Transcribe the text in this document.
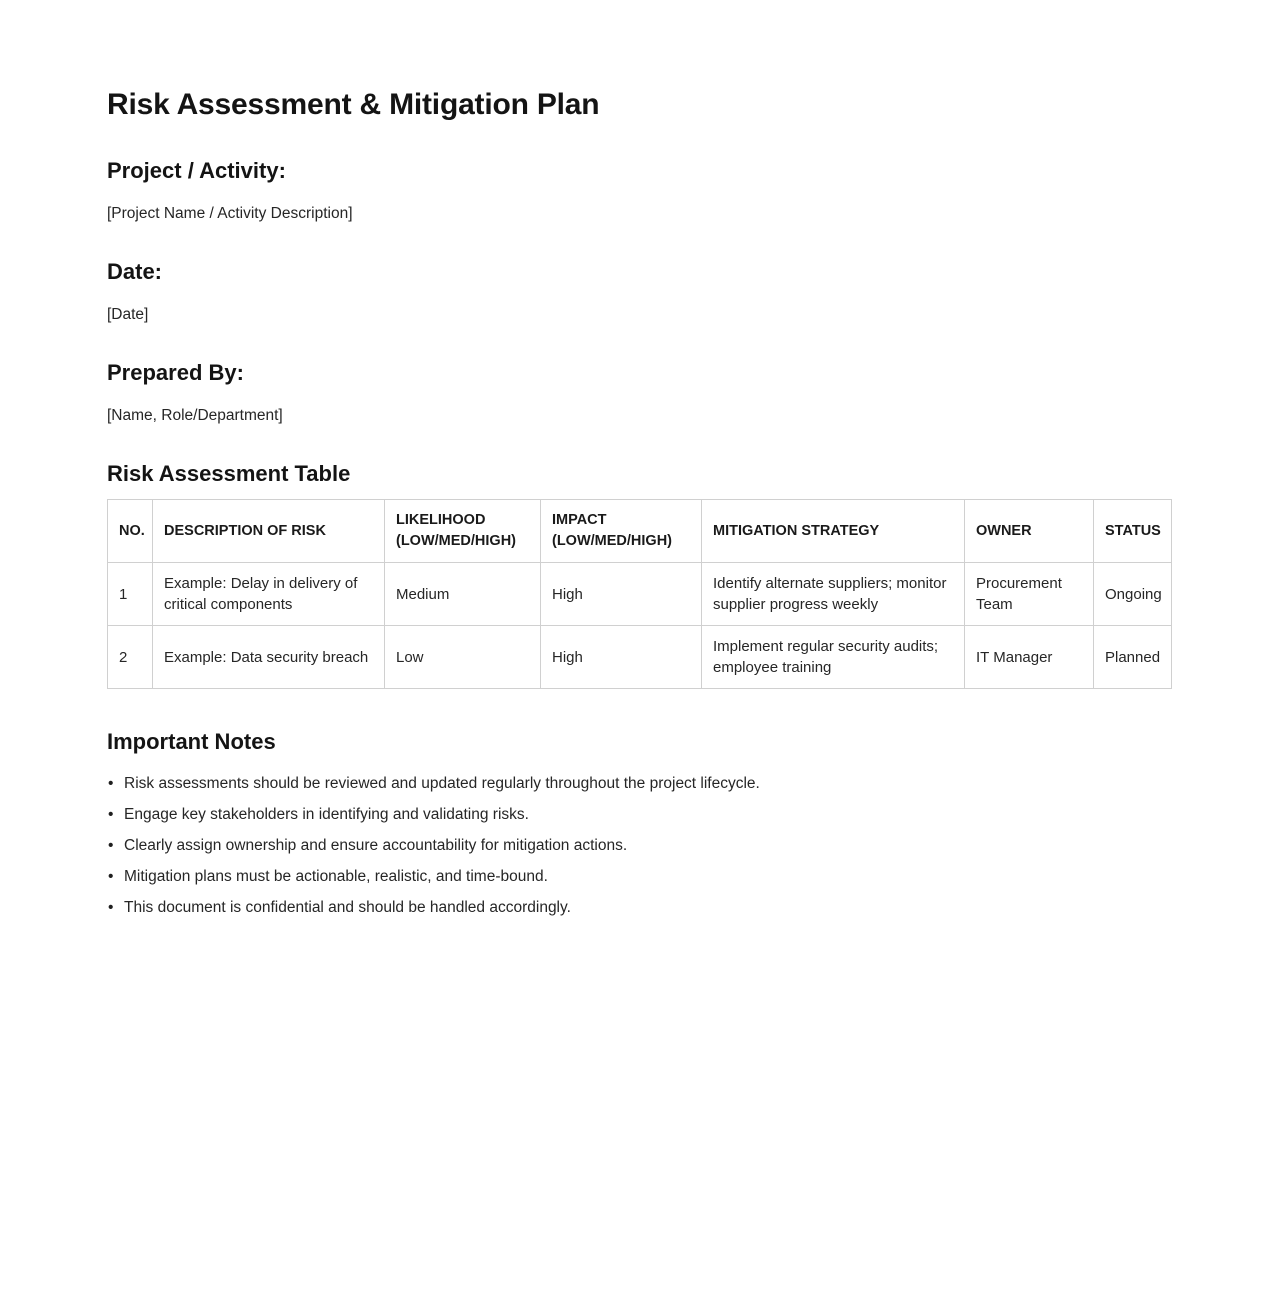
Risk Assessment & Mitigation Plan
Project / Activity:

[Project Name / Activity Description]

Date:

[Date]

Prepared By:

[Name, Role/Department]

Risk Assessment Table
NO.	DESCRIPTION OF RISK	LIKELIHOOD (LOW/MED/HIGH)	IMPACT (LOW/MED/HIGH)	MITIGATION STRATEGY	OWNER	STATUS
1	Example: Delay in delivery of critical components	Medium	High	Identify alternate suppliers; monitor supplier progress weekly	Procurement Team	Ongoing
2	Example: Data security breach	Low	High	Implement regular security audits; employee training	IT Manager	Planned
Important Notes
• Risk assessments should be reviewed and updated regularly throughout the project lifecycle.
• Engage key stakeholders in identifying and validating risks.
• Clearly assign ownership and ensure accountability for mitigation actions.
• Mitigation plans must be actionable, realistic, and time-bound.
• This document is confidential and should be handled accordingly.
